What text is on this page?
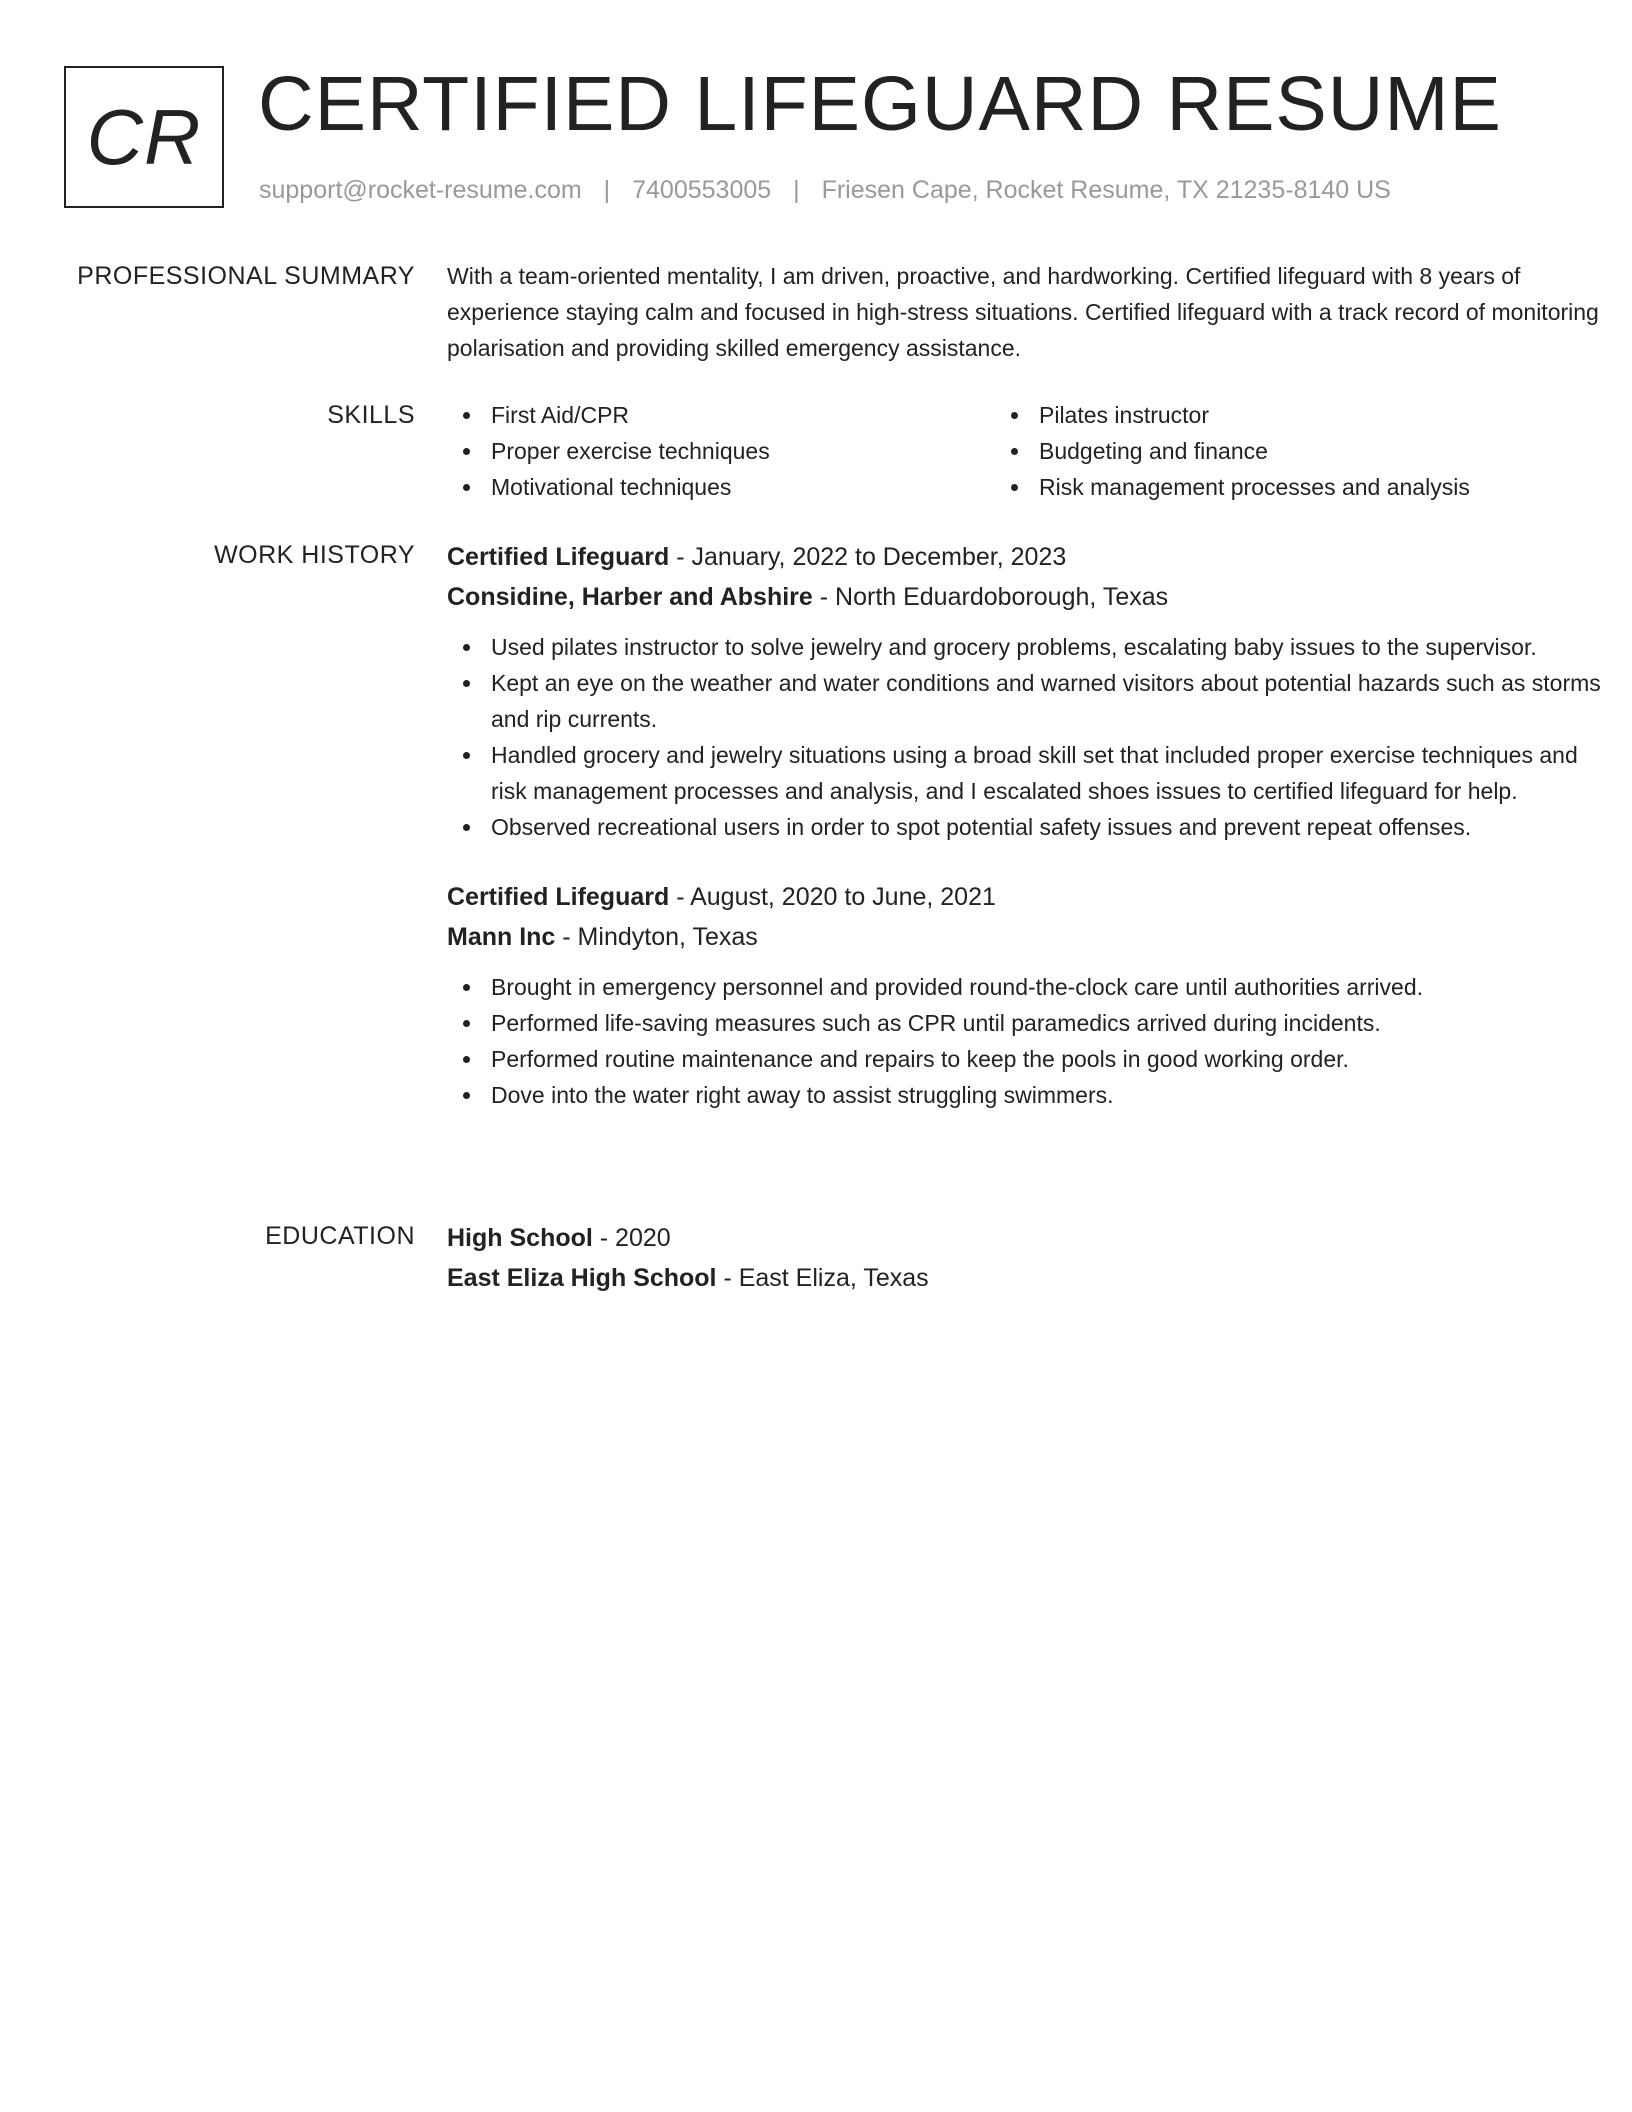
CR CERTIFIED LIFEGUARD RESUME
support@rocket-resume.com | 7400553005 | Friesen Cape, Rocket Resume, TX 21235-8140 US
PROFESSIONAL SUMMARY With a team-oriented mentality, I am driven, proactive, and hardworking. Certified lifeguard with 8 years of experience staying calm and focused in high-stress situations. Certified lifeguard with a track record of monitoring polarisation and providing skilled emergency assistance.

SKILLS	First Aid/CPR
Proper exercise techniques
Motivational techniques
Pilates instructor
Budgeting and finance
Risk management processes and analysis
WORK HISTORY Certified Lifeguard - January, 2022 to December, 2023
Considine, Harber and Abshire - North Eduardoborough, Texas
Used pilates instructor to solve jewelry and grocery problems, escalating baby issues to the supervisor.
Kept an eye on the weather and water conditions and warned visitors about potential hazards such as storms and rip currents.
Handled grocery and jewelry situations using a broad skill set that included proper exercise techniques and risk management processes and analysis, and I escalated shoes issues to certified lifeguard for help.
Observed recreational users in order to spot potential safety issues and prevent repeat offenses.
Certified Lifeguard - August, 2020 to June, 2021
Mann Inc - Mindyton, Texas
Brought in emergency personnel and provided round-the-clock care until authorities arrived.
Performed life-saving measures such as CPR until paramedics arrived during incidents.
Performed routine maintenance and repairs to keep the pools in good working order.
Dove into the water right away to assist struggling swimmers.
EDUCATION High School - 2020
East Eliza High School - East Eliza, Texas
